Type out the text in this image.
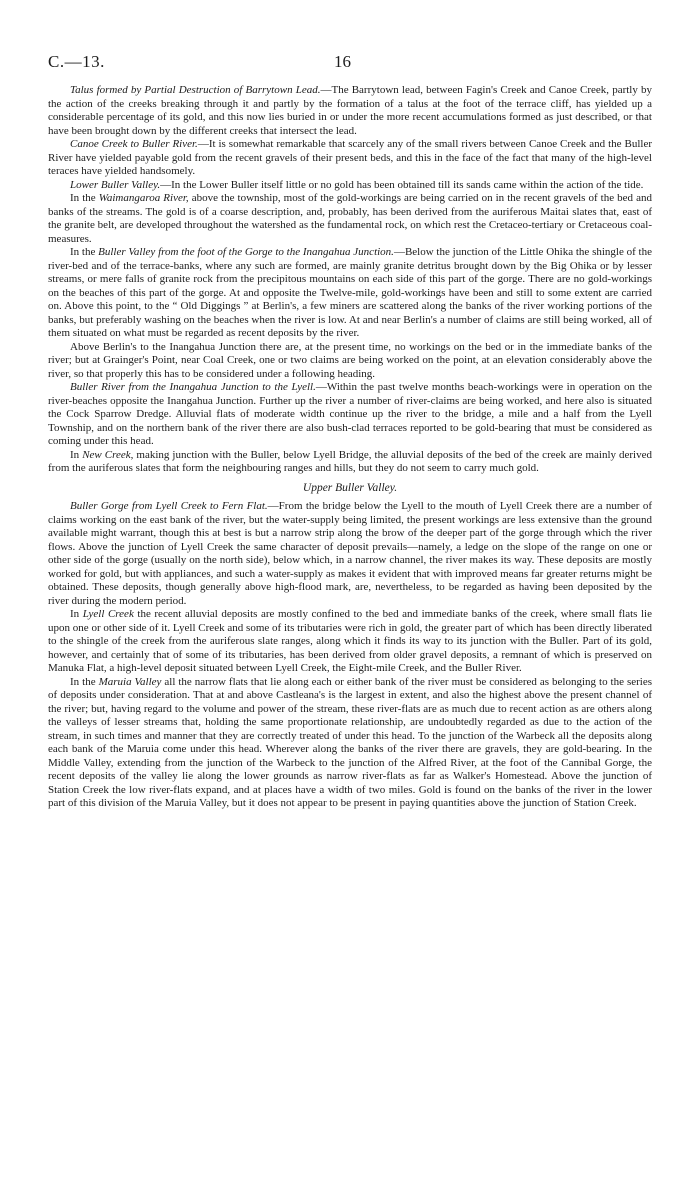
C.—13.	16

Talus formed by Partial Destruction of Barrytown Lead.—The Barrytown lead, between Fagin's Creek and Canoe Creek, partly by the action of the creeks breaking through it and partly by the formation of a talus at the foot of the terrace cliff, has yielded up a considerable percentage of its gold, and this now lies buried in or under the more recent accumulations formed as just described, or that have been brought down by the different creeks that intersect the lead.

Canoe Creek to Buller River.—It is somewhat remarkable that scarcely any of the small rivers between Canoe Creek and the Buller River have yielded payable gold from the recent gravels of their present beds, and this in the face of the fact that many of the high-level teraces have yielded handsomely.

Lower Buller Valley.—In the Lower Buller itself little or no gold has been obtained till its sands came within the action of the tide.

In the Waimangaroa River, above the township, most of the gold-workings are being carried on in the recent gravels of the bed and banks of the streams. The gold is of a coarse description, and, probably, has been derived from the auriferous Maitai slates that, east of the granite belt, are developed throughout the watershed as the fundamental rock, on which rest the Cretaceo-tertiary or Cretaceous coal-measures.

In the Buller Valley from the foot of the Gorge to the Inangahua Junction.—Below the junction of the Little Ohika the shingle of the river-bed and of the terrace-banks, where any such are formed, are mainly granite detritus brought down by the Big Ohika or by lesser streams, or mere falls of granite rock from the precipitous mountains on each side of this part of the gorge. There are no gold-workings on the beaches of this part of the gorge. At and opposite the Twelve-mile, gold-workings have been and still to some extent are carried on. Above this point, to the “ Old Diggings ” at Berlin's, a few miners are scattered along the banks of the river working portions of the banks, but preferably washing on the beaches when the river is low. At and near Berlin's a number of claims are still being worked, all of them situated on what must be regarded as recent deposits by the river.

Above Berlin's to the Inangahua Junction there are, at the present time, no workings on the bed or in the immediate banks of the river; but at Grainger's Point, near Coal Creek, one or two claims are being worked on the point, at an elevation considerably above the river, so that properly this has to be considered under a following heading.

Buller River from the Inangahua Junction to the Lyell.—Within the past twelve months beach-workings were in operation on the river-beaches opposite the Inangahua Junction. Further up the river a number of river-claims are being worked, and here also is situated the Cock Sparrow Dredge. Alluvial flats of moderate width continue up the river to the bridge, a mile and a half from the Lyell Township, and on the northern bank of the river there are also bush-clad terraces reported to be gold-bearing that must be considered as coming under this head.

In New Creek, making junction with the Buller, below Lyell Bridge, the alluvial deposits of the bed of the creek are mainly derived from the auriferous slates that form the neighbouring ranges and hills, but they do not seem to carry much gold.

Upper Buller Valley.

Buller Gorge from Lyell Creek to Fern Flat.—From the bridge below the Lyell to the mouth of Lyell Creek there are a number of claims working on the east bank of the river, but the water-supply being limited, the present workings are less extensive than the ground available might warrant, though this at best is but a narrow strip along the brow of the deeper part of the gorge through which the river flows. Above the junction of Lyell Creek the same character of deposit prevails—namely, a ledge on the slope of the range on one or other side of the gorge (usually on the north side), below which, in a narrow channel, the river makes its way. These deposits are mostly worked for gold, but with appliances, and such a water-supply as makes it evident that with improved means far greater returns might be obtained. These deposits, though generally above high-flood mark, are, nevertheless, to be regarded as having been deposited by the river during the modern period.

In Lyell Creek the recent alluvial deposits are mostly confined to the bed and immediate banks of the creek, where small flats lie upon one or other side of it. Lyell Creek and some of its tributaries were rich in gold, the greater part of which has been directly liberated to the shingle of the creek from the auriferous slate ranges, along which it finds its way to its junction with the Buller. Part of its gold, however, and certainly that of some of its tributaries, has been derived from older gravel deposits, a remnant of which is preserved on Manuka Flat, a high-level deposit situated between Lyell Creek, the Eight-mile Creek, and the Buller River.

In the Maruia Valley all the narrow flats that lie along each or either bank of the river must be considered as belonging to the series of deposits under consideration. That at and above Castleana's is the largest in extent, and also the highest above the present channel of the river; but, having regard to the volume and power of the stream, these river-flats are as much due to recent action as are others along the valleys of lesser streams that, holding the same proportionate relationship, are undoubtedly regarded as due to the action of the stream, in such times and manner that they are correctly treated of under this head. To the junction of the Warbeck all the deposits along each bank of the Maruia come under this head. Wherever along the banks of the river there are gravels, they are gold-bearing. In the Middle Valley, extending from the junction of the Warbeck to the junction of the Alfred River, at the foot of the Cannibal Gorge, the recent deposits of the valley lie along the lower grounds as narrow river-flats as far as Walker's Homestead. Above the junction of Station Creek the low river-flats expand, and at places have a width of two miles. Gold is found on the banks of the river in the lower part of this division of the Maruia Valley, but it does not appear to be present in paying quantities above the junction of Station Creek.
